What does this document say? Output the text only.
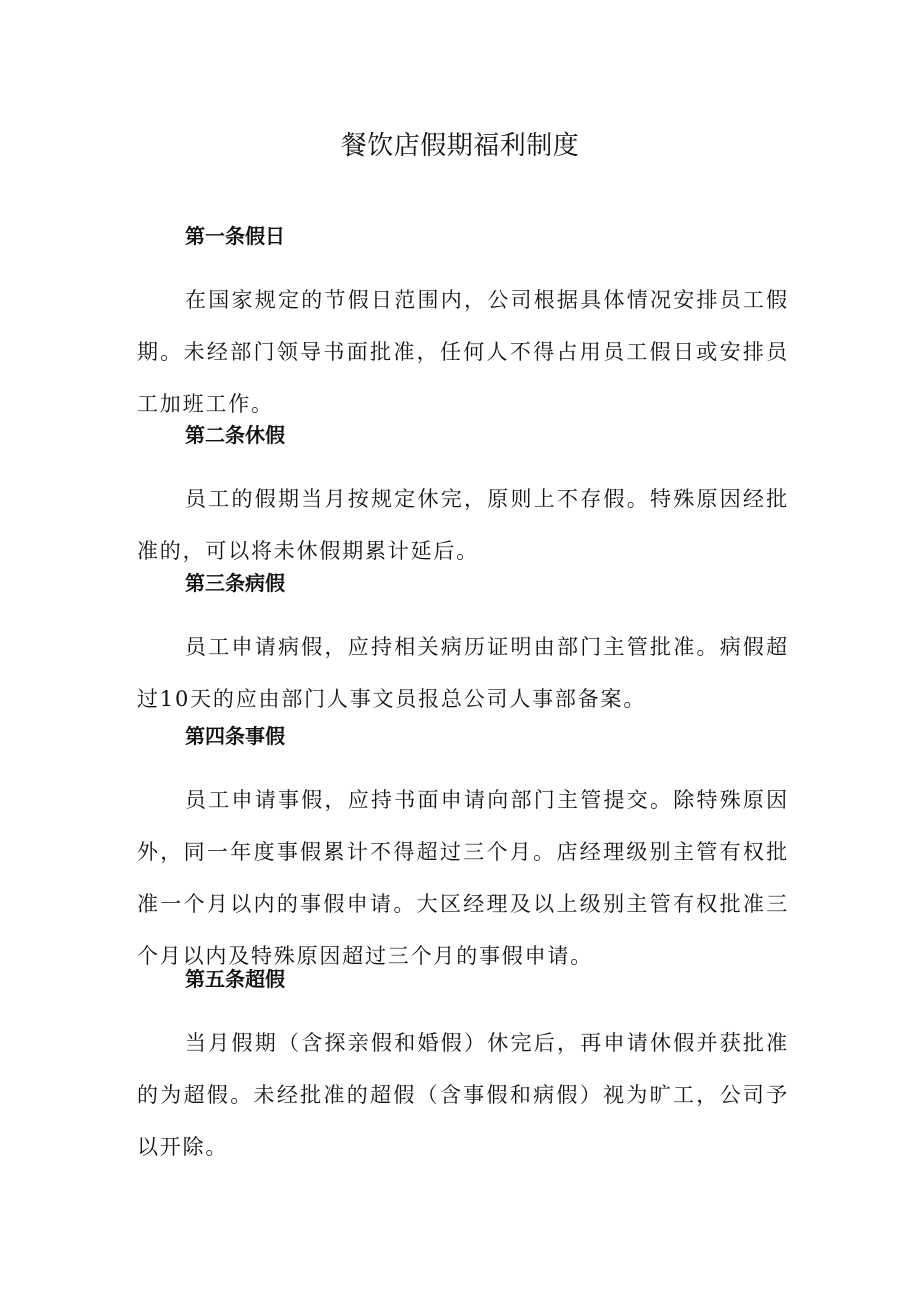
餐饮店假期福利制度
第一条假日
在国家规定的节假日范围内，公司根据具体情况安排员工假期。未经部门领导书面批准，任何人不得占用员工假日或安排员工加班工作。
第二条休假
员工的假期当月按规定休完，原则上不存假。特殊原因经批准的，可以将未休假期累计延后。
第三条病假
员工申请病假，应持相关病历证明由部门主管批准。病假超过10天的应由部门人事文员报总公司人事部备案。
第四条事假
员工申请事假，应持书面申请向部门主管提交。除特殊原因外，同一年度事假累计不得超过三个月。店经理级别主管有权批准一个月以内的事假申请。大区经理及以上级别主管有权批准三个月以内及特殊原因超过三个月的事假申请。
第五条超假
当月假期（含探亲假和婚假）休完后，再申请休假并获批准的为超假。未经批准的超假（含事假和病假）视为旷工，公司予以开除。
